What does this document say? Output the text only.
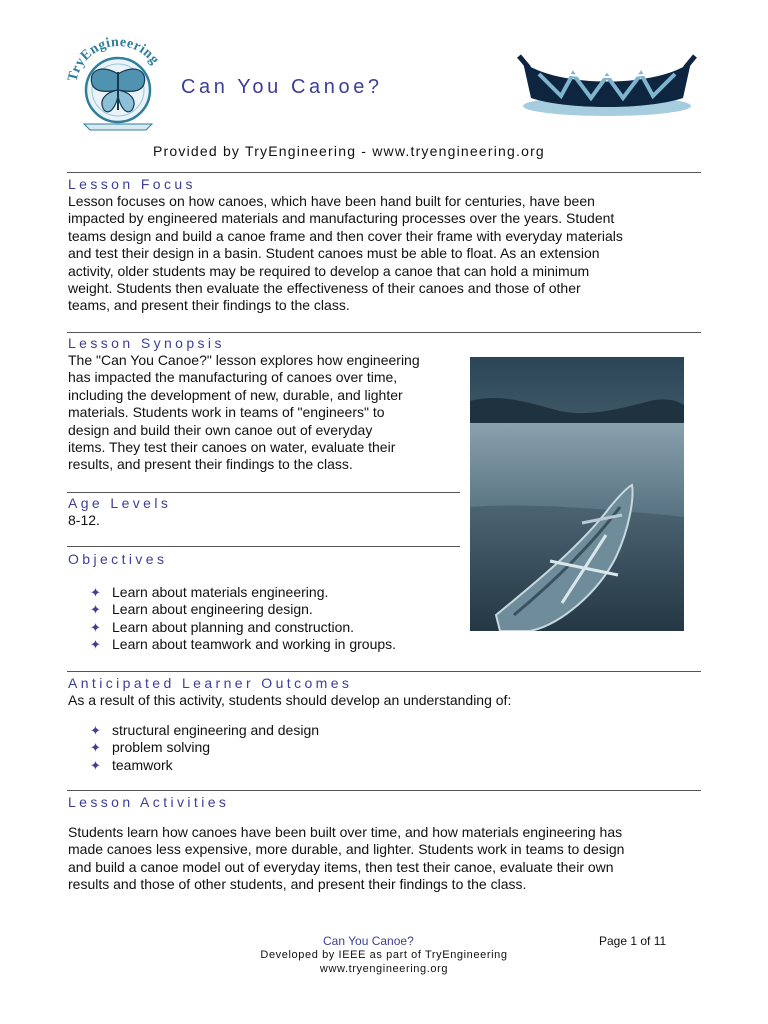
TryEngineering
Can You Canoe?
Provided by TryEngineering - www.tryengineering.org
Lesson Focus
Lesson focuses on how canoes, which have been hand built for centuries, have been
impacted by engineered materials and manufacturing processes over the years. Student
teams design and build a canoe frame and then cover their frame with everyday materials
and test their design in a basin. Student canoes must be able to float. As an extension
activity, older students may be required to develop a canoe that can hold a minimum
weight. Students then evaluate the effectiveness of their canoes and those of other
teams, and present their findings to the class.
Lesson Synopsis
The "Can You Canoe?" lesson explores how engineering
has impacted the manufacturing of canoes over time,
including the development of new, durable, and lighter
materials. Students work in teams of "engineers" to
design and build their own canoe out of everyday
items. They test their canoes on water, evaluate their
results, and present their findings to the class.
Age Levels
8-12.
Objectives
✦ Learn about materials engineering.
✦ Learn about engineering design.
✦ Learn about planning and construction.
✦ Learn about teamwork and working in groups.
Anticipated Learner Outcomes
As a result of this activity, students should develop an understanding of:
✦ structural engineering and design
✦ problem solving
✦ teamwork
Lesson Activities
Students learn how canoes have been built over time, and how materials engineering has
made canoes less expensive, more durable, and lighter. Students work in teams to design
and build a canoe model out of everyday items, then test their canoe, evaluate their own
results and those of other students, and present their findings to the class.
Can You Canoe?	Page 1 of 11
Developed by IEEE as part of TryEngineering
www.tryengineering.org
